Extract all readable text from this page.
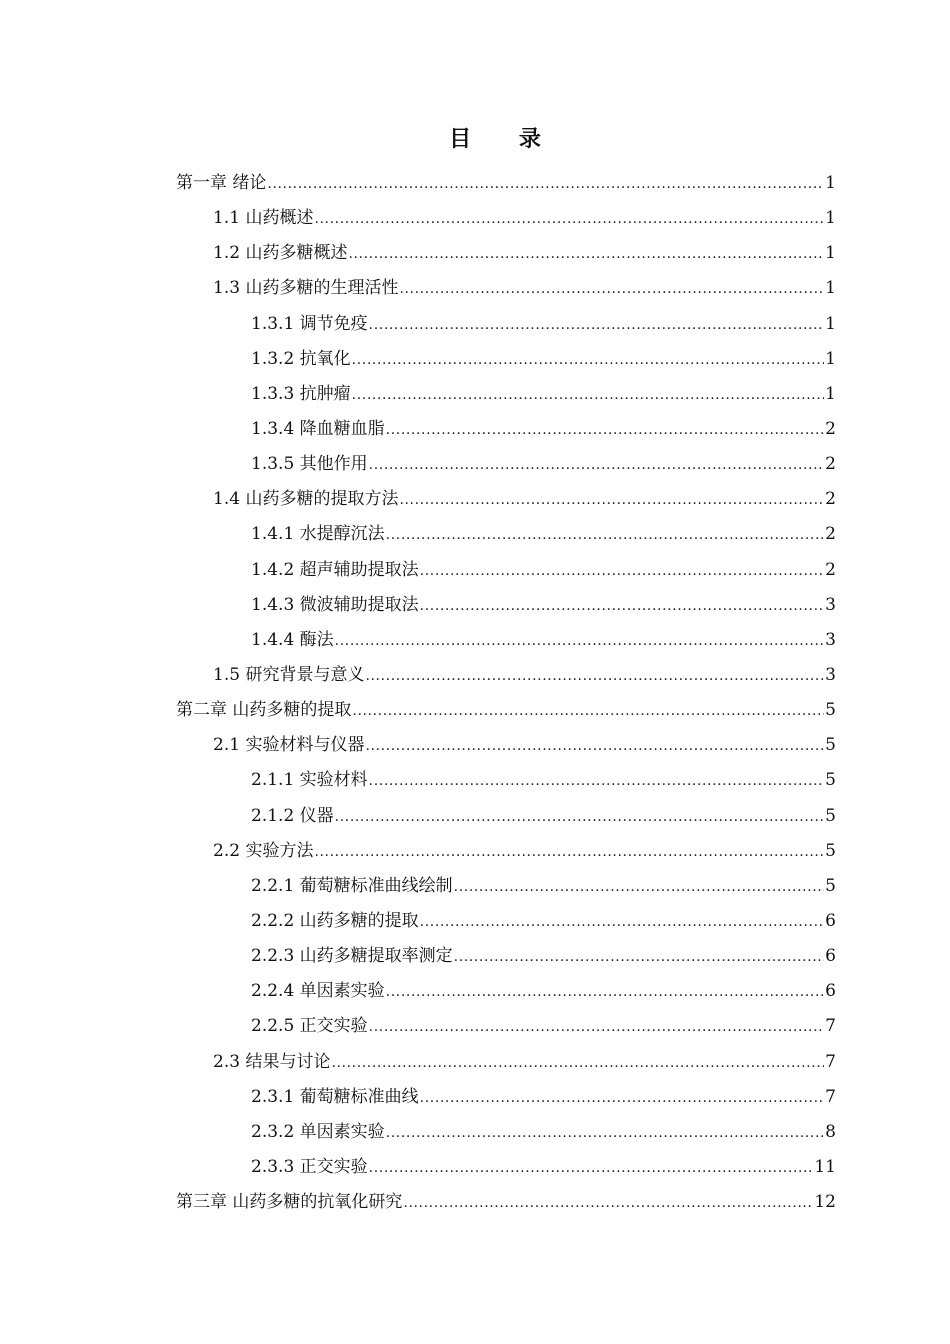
目 录
第一章 绪论 .....	1
1.1 山药概述 .....	1
1.2 山药多糖概述 .....	1
1.3 山药多糖的生理活性 .....	1
1.3.1 调节免疫 .....	1
1.3.2 抗氧化 .....	1
1.3.3 抗肿瘤 .....	1
1.3.4 降血糖血脂 .....	2
1.3.5 其他作用 .....	2
1.4 山药多糖的提取方法 .....	2
1.4.1 水提醇沉法 .....	2
1.4.2 超声辅助提取法 .....	2
1.4.3 微波辅助提取法 .....	3
1.4.4 酶法 .....	3
1.5 研究背景与意义 .....	3
第二章 山药多糖的提取 .....	5
2.1 实验材料与仪器 .....	5
2.1.1 实验材料 .....	5
2.1.2 仪器 .....	5
2.2 实验方法 .....	5
2.2.1 葡萄糖标准曲线绘制 .....	5
2.2.2 山药多糖的提取 .....	6
2.2.3 山药多糖提取率测定 .....	6
2.2.4 单因素实验 .....	6
2.2.5 正交实验 .....	7
2.3 结果与讨论 .....	7
2.3.1 葡萄糖标准曲线 .....	7
2.3.2 单因素实验 .....	8
2.3.3 正交实验 .....	11
第三章 山药多糖的抗氧化研究 .....	12
